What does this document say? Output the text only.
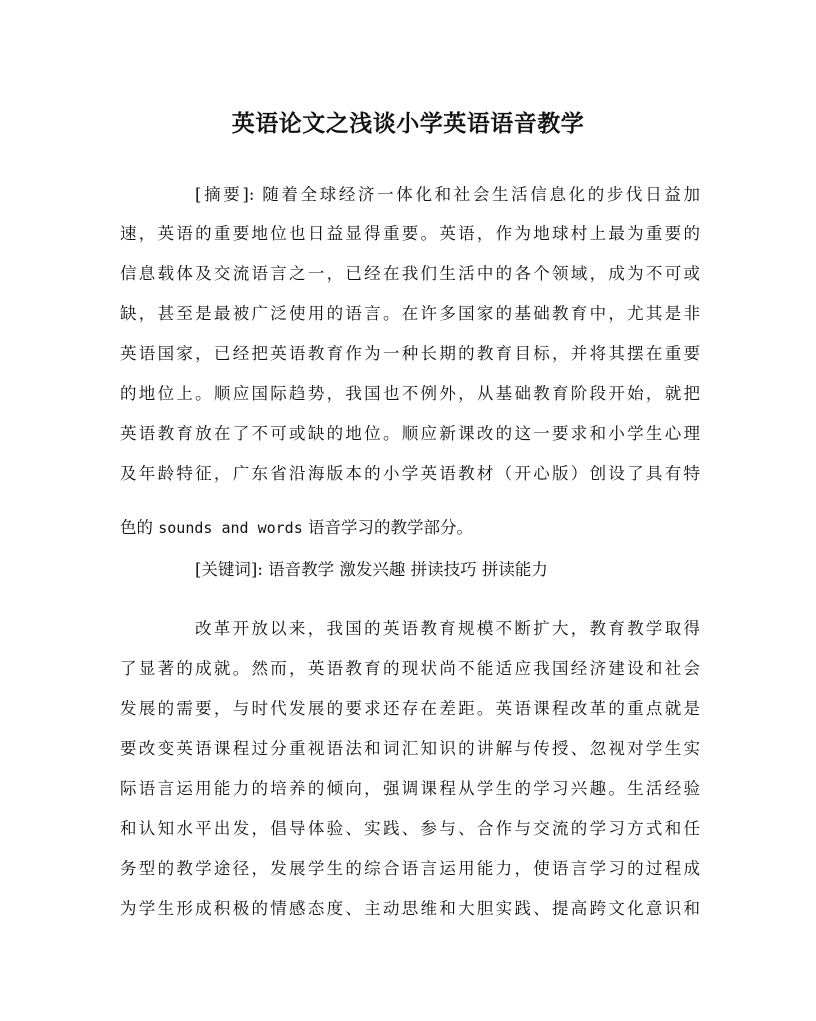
英语论文之浅谈小学英语语音教学
[摘要]: 随着全球经济一体化和社会生活信息化的步伐日益加
速，英语的重要地位也日益显得重要。英语，作为地球村上最为重要的
信息载体及交流语言之一，已经在我们生活中的各个领域，成为不可或
缺，甚至是最被广泛使用的语言。在许多国家的基础教育中，尤其是非
英语国家，已经把英语教育作为一种长期的教育目标，并将其摆在重要
的地位上。顺应国际趋势，我国也不例外，从基础教育阶段开始，就把
英语教育放在了不可或缺的地位。顺应新课改的这一要求和小学生心理
及年龄特征，广东省沿海版本的小学英语教材（开心版）创设了具有特
色的 sounds and words 语音学习的教学部分。
[关键词]: 语音教学 激发兴趣 拼读技巧 拼读能力
改革开放以来，我国的英语教育规模不断扩大，教育教学取得
了显著的成就。然而，英语教育的现状尚不能适应我国经济建设和社会
发展的需要，与时代发展的要求还存在差距。英语课程改革的重点就是
要改变英语课程过分重视语法和词汇知识的讲解与传授、忽视对学生实
际语言运用能力的培养的倾向，强调课程从学生的学习兴趣。生活经验
和认知水平出发，倡导体验、实践、参与、合作与交流的学习方式和任
务型的教学途径，发展学生的综合语言运用能力，使语言学习的过程成
为学生形成积极的情感态度、主动思维和大胆实践、提高跨文化意识和
